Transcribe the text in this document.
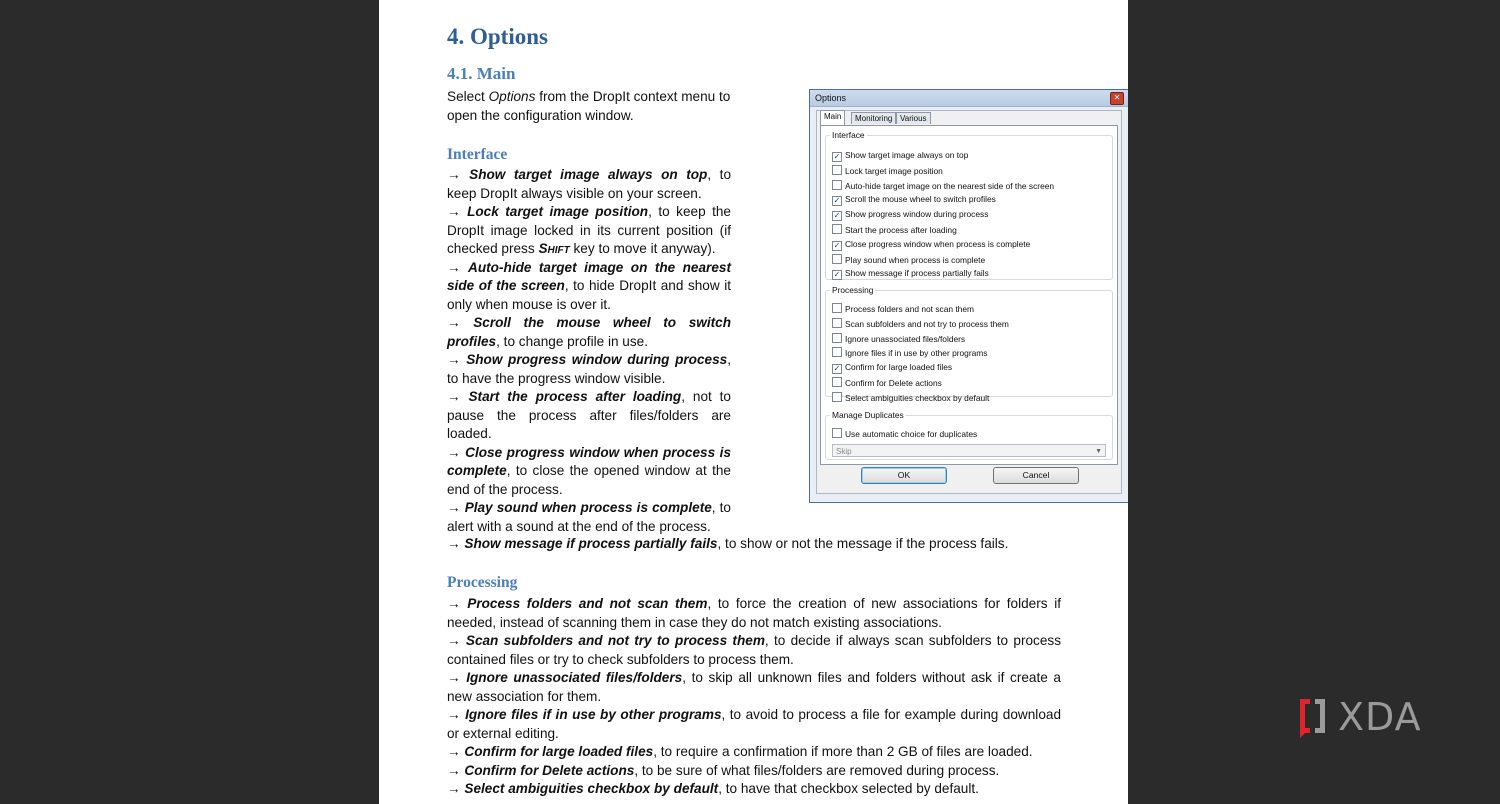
4. Options
4.1. Main

Select Options from the DropIt context menu to open the configuration window.

Interface

→ Show target image always on top, to keep DropIt always visible on your screen.

→ Lock target image position, to keep the DropIt image locked in its current position (if checked press Shift key to move it anyway).

→ Auto-hide target image on the nearest side of the screen, to hide DropIt and show it only when mouse is over it.

→ Scroll the mouse wheel to switch profiles, to change profile in use.

→ Show progress window during process, to have the progress window visible.

→ Start the process after loading, not to pause the process after files/folders are loaded.

→ Close progress window when process is complete, to close the opened window at the end of the process.

→ Play sound when process is complete, to alert with a sound at the end of the process.

→ Show message if process partially fails, to show or not the message if the process fails.

Processing

→ Process folders and not scan them, to force the creation of new associations for folders if needed, instead of scanning them in case they do not match existing associations.

→ Scan subfolders and not try to process them, to decide if always scan subfolders to process contained files or try to check subfolders to process them.

→ Ignore unassociated files/folders, to skip all unknown files and folders without ask if create a new association for them.

→ Ignore files if in use by other programs, to avoid to process a file for example during download or external editing.

→ Confirm for large loaded files, to require a confirmation if more than 2 GB of files are loaded.

→ Confirm for Delete actions, to be sure of what files/folders are removed during process.

→ Select ambiguities checkbox by default, to have that checkbox selected by default.

Options	✕
Main	Monitoring Various
Interface
✓ Show target image always on top
Lock target image position
Auto-hide target image on the nearest side of the screen
✓ Scroll the mouse wheel to switch profiles
✓ Show progress window during process
Start the process after loading
✓ Close progress window when process is complete
Play sound when process is complete
✓ Show message if process partially fails
Processing
Process folders and not scan them
Scan subfolders and not try to process them
Ignore unassociated files/folders
Ignore files if in use by other programs
✓ Confirm for large loaded files
Confirm for Delete actions
Select ambiguities checkbox by default
Manage Duplicates
Use automatic choice for duplicates
Skip	▼
OK	Cancel
XDA
